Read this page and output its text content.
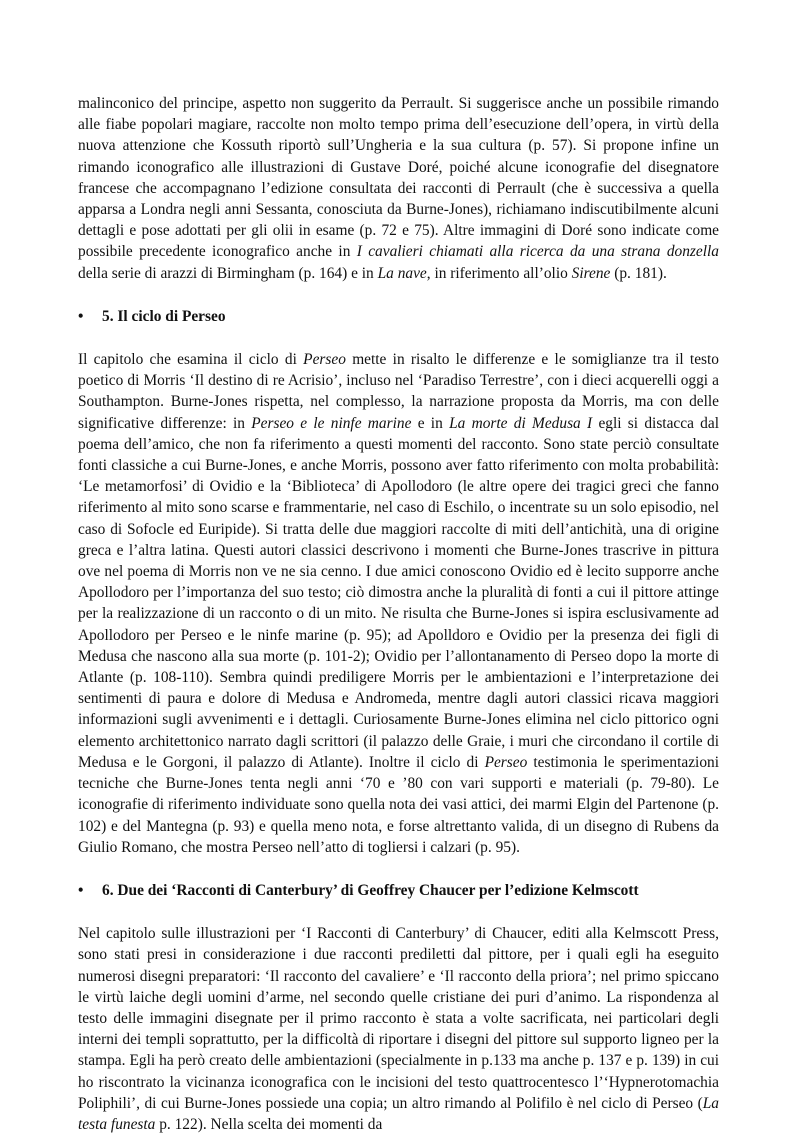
malinconico del principe, aspetto non suggerito da Perrault. Si suggerisce anche un possibile rimando alle fiabe popolari magiare, raccolte non molto tempo prima dell’esecuzione dell’opera, in virtù della nuova attenzione che Kossuth riportò sull’Ungheria e la sua cultura (p. 57). Si propone infine un rimando iconografico alle illustrazioni di Gustave Doré, poiché alcune iconografie del disegnatore francese che accompagnano l’edizione consultata dei racconti di Perrault (che è successiva a quella apparsa a Londra negli anni Sessanta, conosciuta da Burne-Jones), richiamano indiscutibilmente alcuni dettagli e pose adottati per gli olii in esame (p. 72 e 75). Altre immagini di Doré sono indicate come possibile precedente iconografico anche in I cavalieri chiamati alla ricerca da una strana donzella della serie di arazzi di Birmingham (p. 164) e in La nave, in riferimento all’olio Sirene (p. 181).

•	5. Il ciclo di Perseo

Il capitolo che esamina il ciclo di Perseo mette in risalto le differenze e le somiglianze tra il testo poetico di Morris ‘Il destino di re Acrisio’, incluso nel ‘Paradiso Terrestre’, con i dieci acquerelli oggi a Southampton. Burne-Jones rispetta, nel complesso, la narrazione proposta da Morris, ma con delle significative differenze: in Perseo e le ninfe marine e in La morte di Medusa I egli si distacca dal poema dell’amico, che non fa riferimento a questi momenti del racconto. Sono state perciò consultate fonti classiche a cui Burne-Jones, e anche Morris, possono aver fatto riferimento con molta probabilità: ‘Le metamorfosi’ di Ovidio e la ‘Biblioteca’ di Apollodoro (le altre opere dei tragici greci che fanno riferimento al mito sono scarse e frammentarie, nel caso di Eschilo, o incentrate su un solo episodio, nel caso di Sofocle ed Euripide). Si tratta delle due maggiori raccolte di miti dell’antichità, una di origine greca e l’altra latina. Questi autori classici descrivono i momenti che Burne-Jones trascrive in pittura ove nel poema di Morris non ve ne sia cenno. I due amici conoscono Ovidio ed è lecito supporre anche Apollodoro per l’importanza del suo testo; ciò dimostra anche la pluralità di fonti a cui il pittore attinge per la realizzazione di un racconto o di un mito. Ne risulta che Burne-Jones si ispira esclusivamente ad Apollodoro per Perseo e le ninfe marine (p. 95); ad Apolldoro e Ovidio per la presenza dei figli di Medusa che nascono alla sua morte (p. 101-2); Ovidio per l’allontanamento di Perseo dopo la morte di Atlante (p. 108-110). Sembra quindi prediligere Morris per le ambientazioni e l’interpretazione dei sentimenti di paura e dolore di Medusa e Andromeda, mentre dagli autori classici ricava maggiori informazioni sugli avvenimenti e i dettagli. Curiosamente Burne-Jones elimina nel ciclo pittorico ogni elemento architettonico narrato dagli scrittori (il palazzo delle Graie, i muri che circondano il cortile di Medusa e le Gorgoni, il palazzo di Atlante). Inoltre il ciclo di Perseo testimonia le sperimentazioni tecniche che Burne-Jones tenta negli anni ‘70 e ’80 con vari supporti e materiali (p. 79-80). Le iconografie di riferimento individuate sono quella nota dei vasi attici, dei marmi Elgin del Partenone (p. 102) e del Mantegna (p. 93) e quella meno nota, e forse altrettanto valida, di un disegno di Rubens da Giulio Romano, che mostra Perseo nell’atto di togliersi i calzari (p. 95).

•	6. Due dei ‘Racconti di Canterbury’ di Geoffrey Chaucer per l’edizione Kelmscott

Nel capitolo sulle illustrazioni per ‘I Racconti di Canterbury’ di Chaucer, editi alla Kelmscott Press, sono stati presi in considerazione i due racconti prediletti dal pittore, per i quali egli ha eseguito numerosi disegni preparatori: ‘Il racconto del cavaliere’ e ‘Il racconto della priora’; nel primo spiccano le virtù laiche degli uomini d’arme, nel secondo quelle cristiane dei puri d’animo. La rispondenza al testo delle immagini disegnate per il primo racconto è stata a volte sacrificata, nei particolari degli interni dei templi soprattutto, per la difficoltà di riportare i disegni del pittore sul supporto ligneo per la stampa. Egli ha però creato delle ambientazioni (specialmente in p.133 ma anche p. 137 e p. 139) in cui ho riscontrato la vicinanza iconografica con le incisioni del testo quattrocentesco l’‘Hypnerotomachia Poliphili’, di cui Burne-Jones possiede una copia; un altro rimando al Polifilo è nel ciclo di Perseo (La testa funesta p. 122). Nella scelta dei momenti da
